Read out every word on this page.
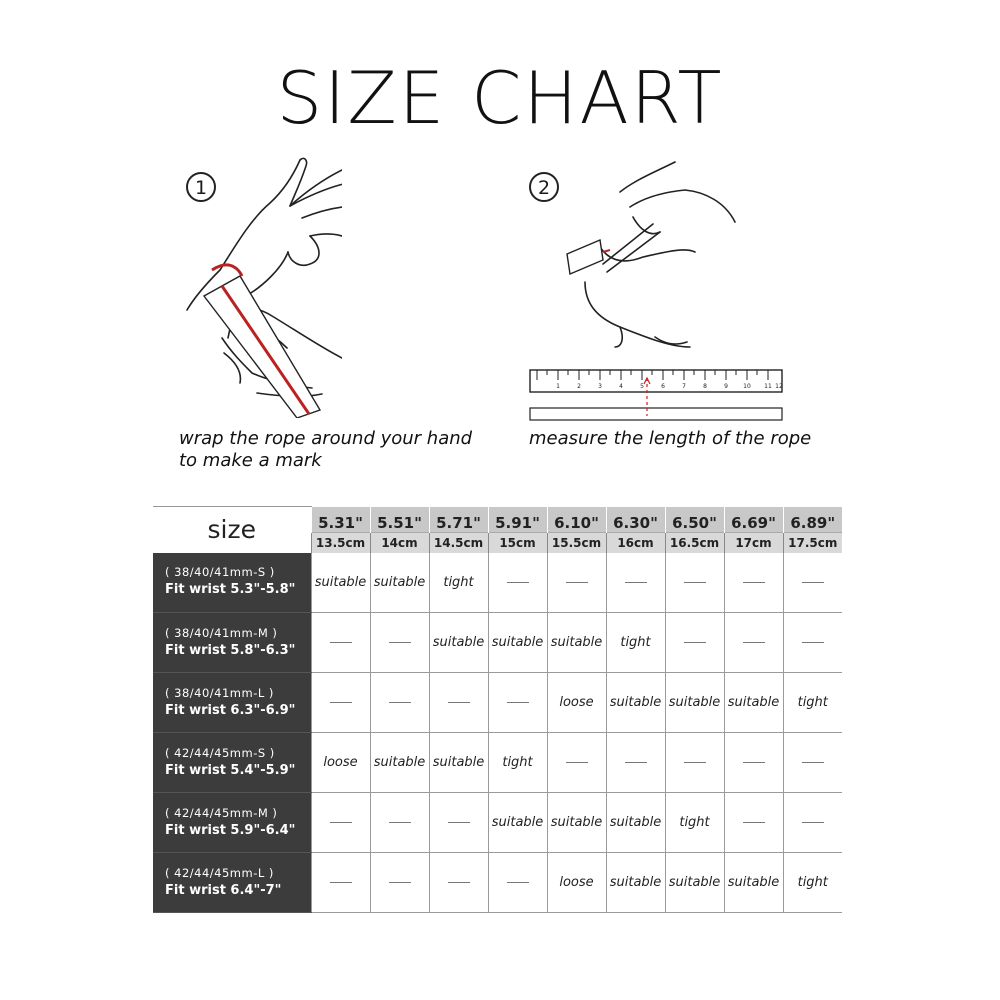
SIZE CHART
1
wrap the rope around your hand
to make a mark
2
1	2	3	4	5	6	7	8	9	10 11 12
measure the length of the rope
size	5.31"	5.51"	5.71"	5.91"	6.10"	6.30"	6.50"	6.69"	6.89"
	13.5cm	14cm	14.5cm	15cm	15.5cm	16cm	16.5cm	17cm	17.5cm

( 38/40/41mm-S )
Fit wrist 5.3"-5.8"	suitable	suitable	tight						

( 38/40/41mm-M )
Fit wrist 5.8"-6.3"			suitable	suitable	suitable	tight			

( 38/40/41mm-L )
Fit wrist 6.3"-6.9"					loose	suitable	suitable	suitable	tight

( 42/44/45mm-S )
Fit wrist 5.4"-5.9"	loose	suitable	suitable	tight					

( 42/44/45mm-M )
Fit wrist 5.9"-6.4"				suitable	suitable	suitable	tight		

( 42/44/45mm-L )
Fit wrist 6.4"-7"					loose	suitable	suitable	suitable	tight
